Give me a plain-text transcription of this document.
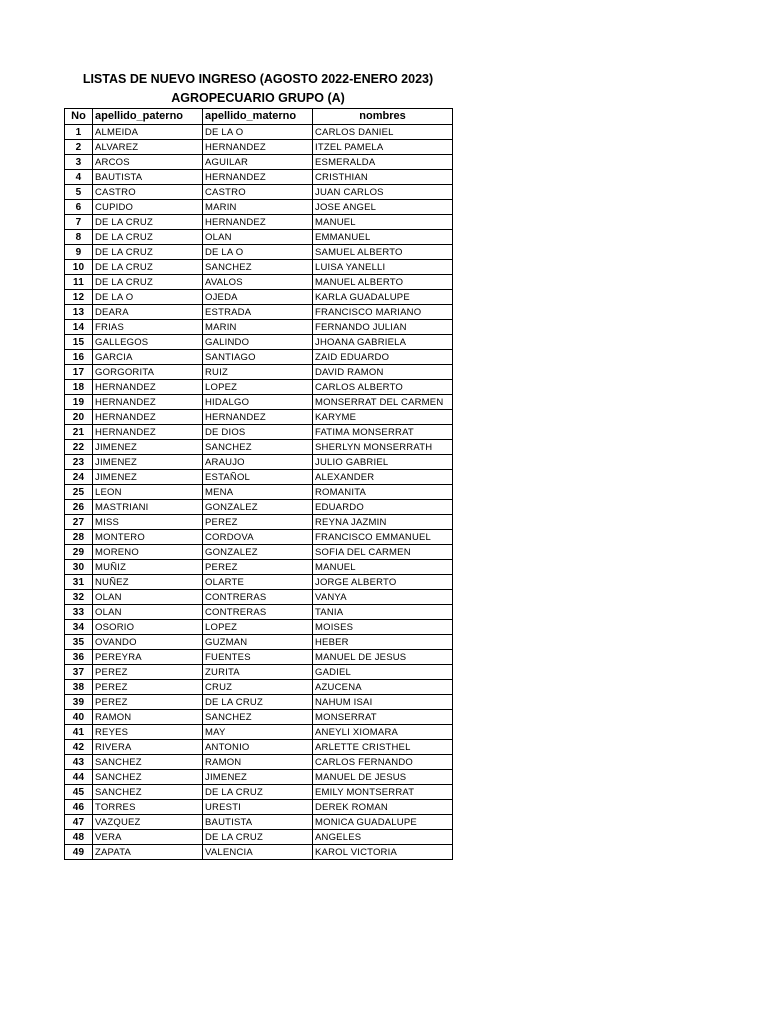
LISTAS DE NUEVO INGRESO (AGOSTO 2022-ENERO 2023)
AGROPECUARIO GRUPO (A)
No	apellido_paterno	apellido_materno	nombres
1	ALMEIDA	DE LA O	CARLOS DANIEL
2	ALVAREZ	HERNANDEZ	ITZEL PAMELA
3	ARCOS	AGUILAR	ESMERALDA
4	BAUTISTA	HERNANDEZ	CRISTHIAN
5	CASTRO	CASTRO	JUAN CARLOS
6	CUPIDO	MARIN	JOSE ANGEL
7	DE LA CRUZ	HERNANDEZ	MANUEL
8	DE LA CRUZ	OLAN	EMMANUEL
9	DE LA CRUZ	DE LA O	SAMUEL ALBERTO
10	DE LA CRUZ	SANCHEZ	LUISA YANELLI
11	DE LA CRUZ	AVALOS	MANUEL ALBERTO
12	DE LA O	OJEDA	KARLA GUADALUPE
13	DEARA	ESTRADA	FRANCISCO MARIANO
14	FRIAS	MARIN	FERNANDO JULIAN
15	GALLEGOS	GALINDO	JHOANA GABRIELA
16	GARCIA	SANTIAGO	ZAID EDUARDO
17	GORGORITA	RUIZ	DAVID RAMON
18	HERNANDEZ	LOPEZ	CARLOS ALBERTO
19	HERNANDEZ	HIDALGO	MONSERRAT DEL CARMEN
20	HERNANDEZ	HERNANDEZ	KARYME
21	HERNANDEZ	DE DIOS	FATIMA MONSERRAT
22	JIMENEZ	SANCHEZ	SHERLYN MONSERRATH
23	JIMENEZ	ARAUJO	JULIO GABRIEL
24	JIMENEZ	ESTAÑOL	ALEXANDER
25	LEON	MENA	ROMANITA
26	MASTRIANI	GONZALEZ	EDUARDO
27	MISS	PEREZ	REYNA JAZMIN
28	MONTERO	CORDOVA	FRANCISCO EMMANUEL
29	MORENO	GONZALEZ	SOFIA DEL CARMEN
30	MUÑIZ	PEREZ	MANUEL
31	NUÑEZ	OLARTE	JORGE ALBERTO
32	OLAN	CONTRERAS	VANYA
33	OLAN	CONTRERAS	TANIA
34	OSORIO	LOPEZ	MOISES
35	OVANDO	GUZMAN	HEBER
36	PEREYRA	FUENTES	MANUEL DE JESUS
37	PEREZ	ZURITA	GADIEL
38	PEREZ	CRUZ	AZUCENA
39	PEREZ	DE LA CRUZ	NAHUM ISAI
40	RAMON	SANCHEZ	MONSERRAT
41	REYES	MAY	ANEYLI XIOMARA
42	RIVERA	ANTONIO	ARLETTE CRISTHEL
43	SANCHEZ	RAMON	CARLOS FERNANDO
44	SANCHEZ	JIMENEZ	MANUEL DE JESUS
45	SANCHEZ	DE LA CRUZ	EMILY MONTSERRAT
46	TORRES	URESTI	DEREK ROMAN
47	VAZQUEZ	BAUTISTA	MONICA GUADALUPE
48	VERA	DE LA CRUZ	ANGELES
49	ZAPATA	VALENCIA	KAROL VICTORIA
